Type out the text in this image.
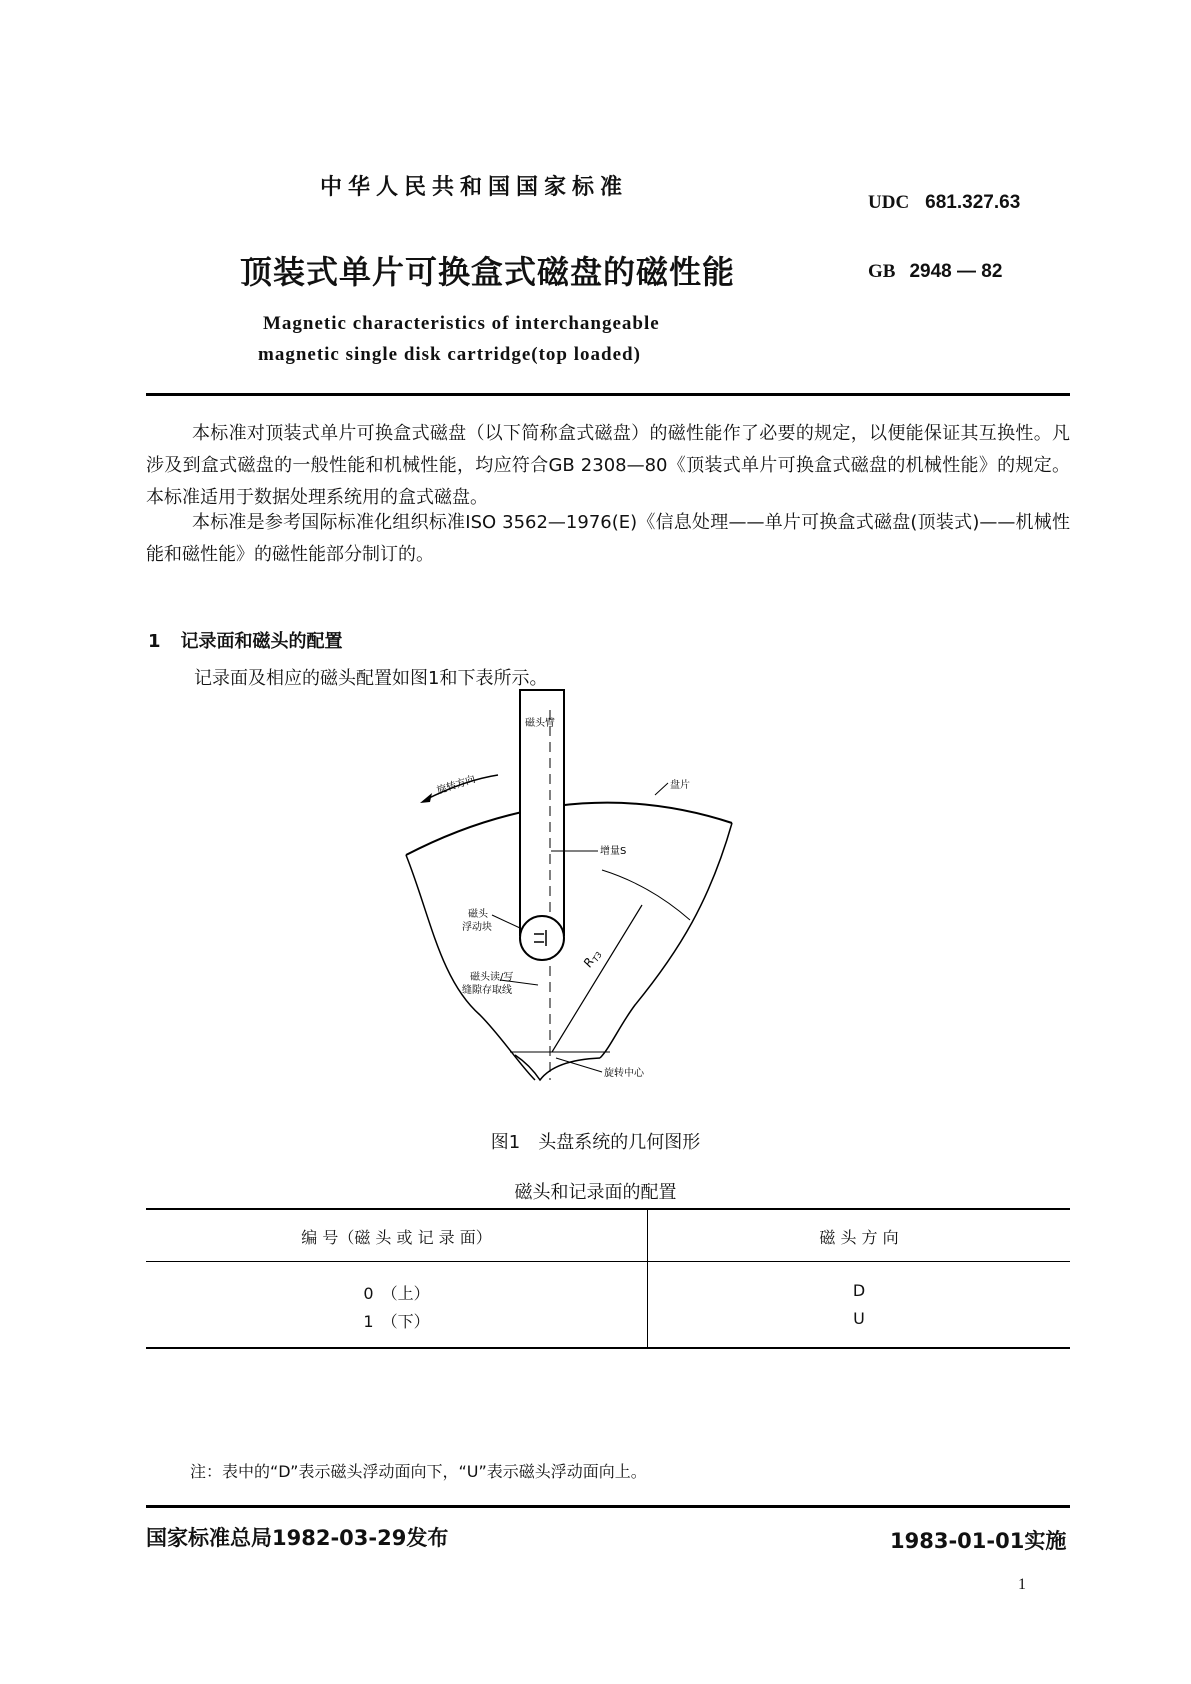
中华人民共和国国家标准
UDC 681.327.63
顶装式单片可换盒式磁盘的磁性能	GB 2948 — 82
Magnetic characteristics of interchangeable
magnetic single disk cartridge(top loaded)
本标准对顶装式单片可换盒式磁盘（以下简称盒式磁盘）的磁性能作了必要的规定，以便能保证其互换性。凡涉及到盒式磁盘的一般性能和机械性能，均应符合GB 2308—80《顶装式单片可换盒式磁盘的机械性能》的规定。本标准适用于数据处理系统用的盒式磁盘。
本标准是参考国际标准化组织标准ISO 3562—1976(E)《信息处理——单片可换盒式磁盘(顶装式)——机械性能和磁性能》的磁性能部分制订的。
1 记录面和磁头的配置
记录面及相应的磁头配置如图1和下表所示。
磁头臂
旋转方向	盘片
增量S
磁头
浮动块
磁头读/写
缝隙存取线
$R_{T3}$
旋转中心
图1　头盘系统的几何图形
磁头和记录面的配置
编 号（磁 头 或 记 录 面）	磁 头 方 向
0　（上）	D
1　（下）	U
注：表中的“D”表示磁头浮动面向下，“U”表示磁头浮动面向上。
国家标准总局1982-03-29发布	1983-01-01实施
1
